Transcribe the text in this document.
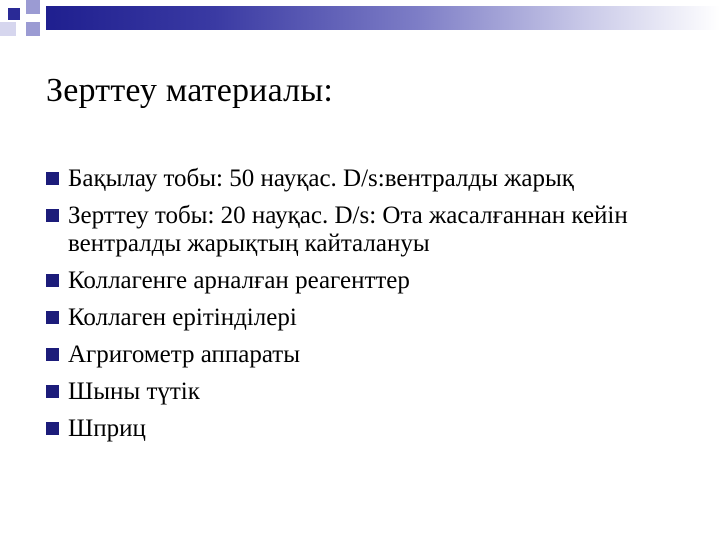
Зерттеу материалы:
Бақылау тобы: 50 науқас. D/s:вентралды жарық
Зерттеу тобы: 20 науқас. D/s: Ота жасалғаннан кейін вентралды жарықтың кайталануы
Коллагенге арналған реагенттер
Коллаген ерітінділері
Агригометр аппараты
Шыны түтік
Шприц
